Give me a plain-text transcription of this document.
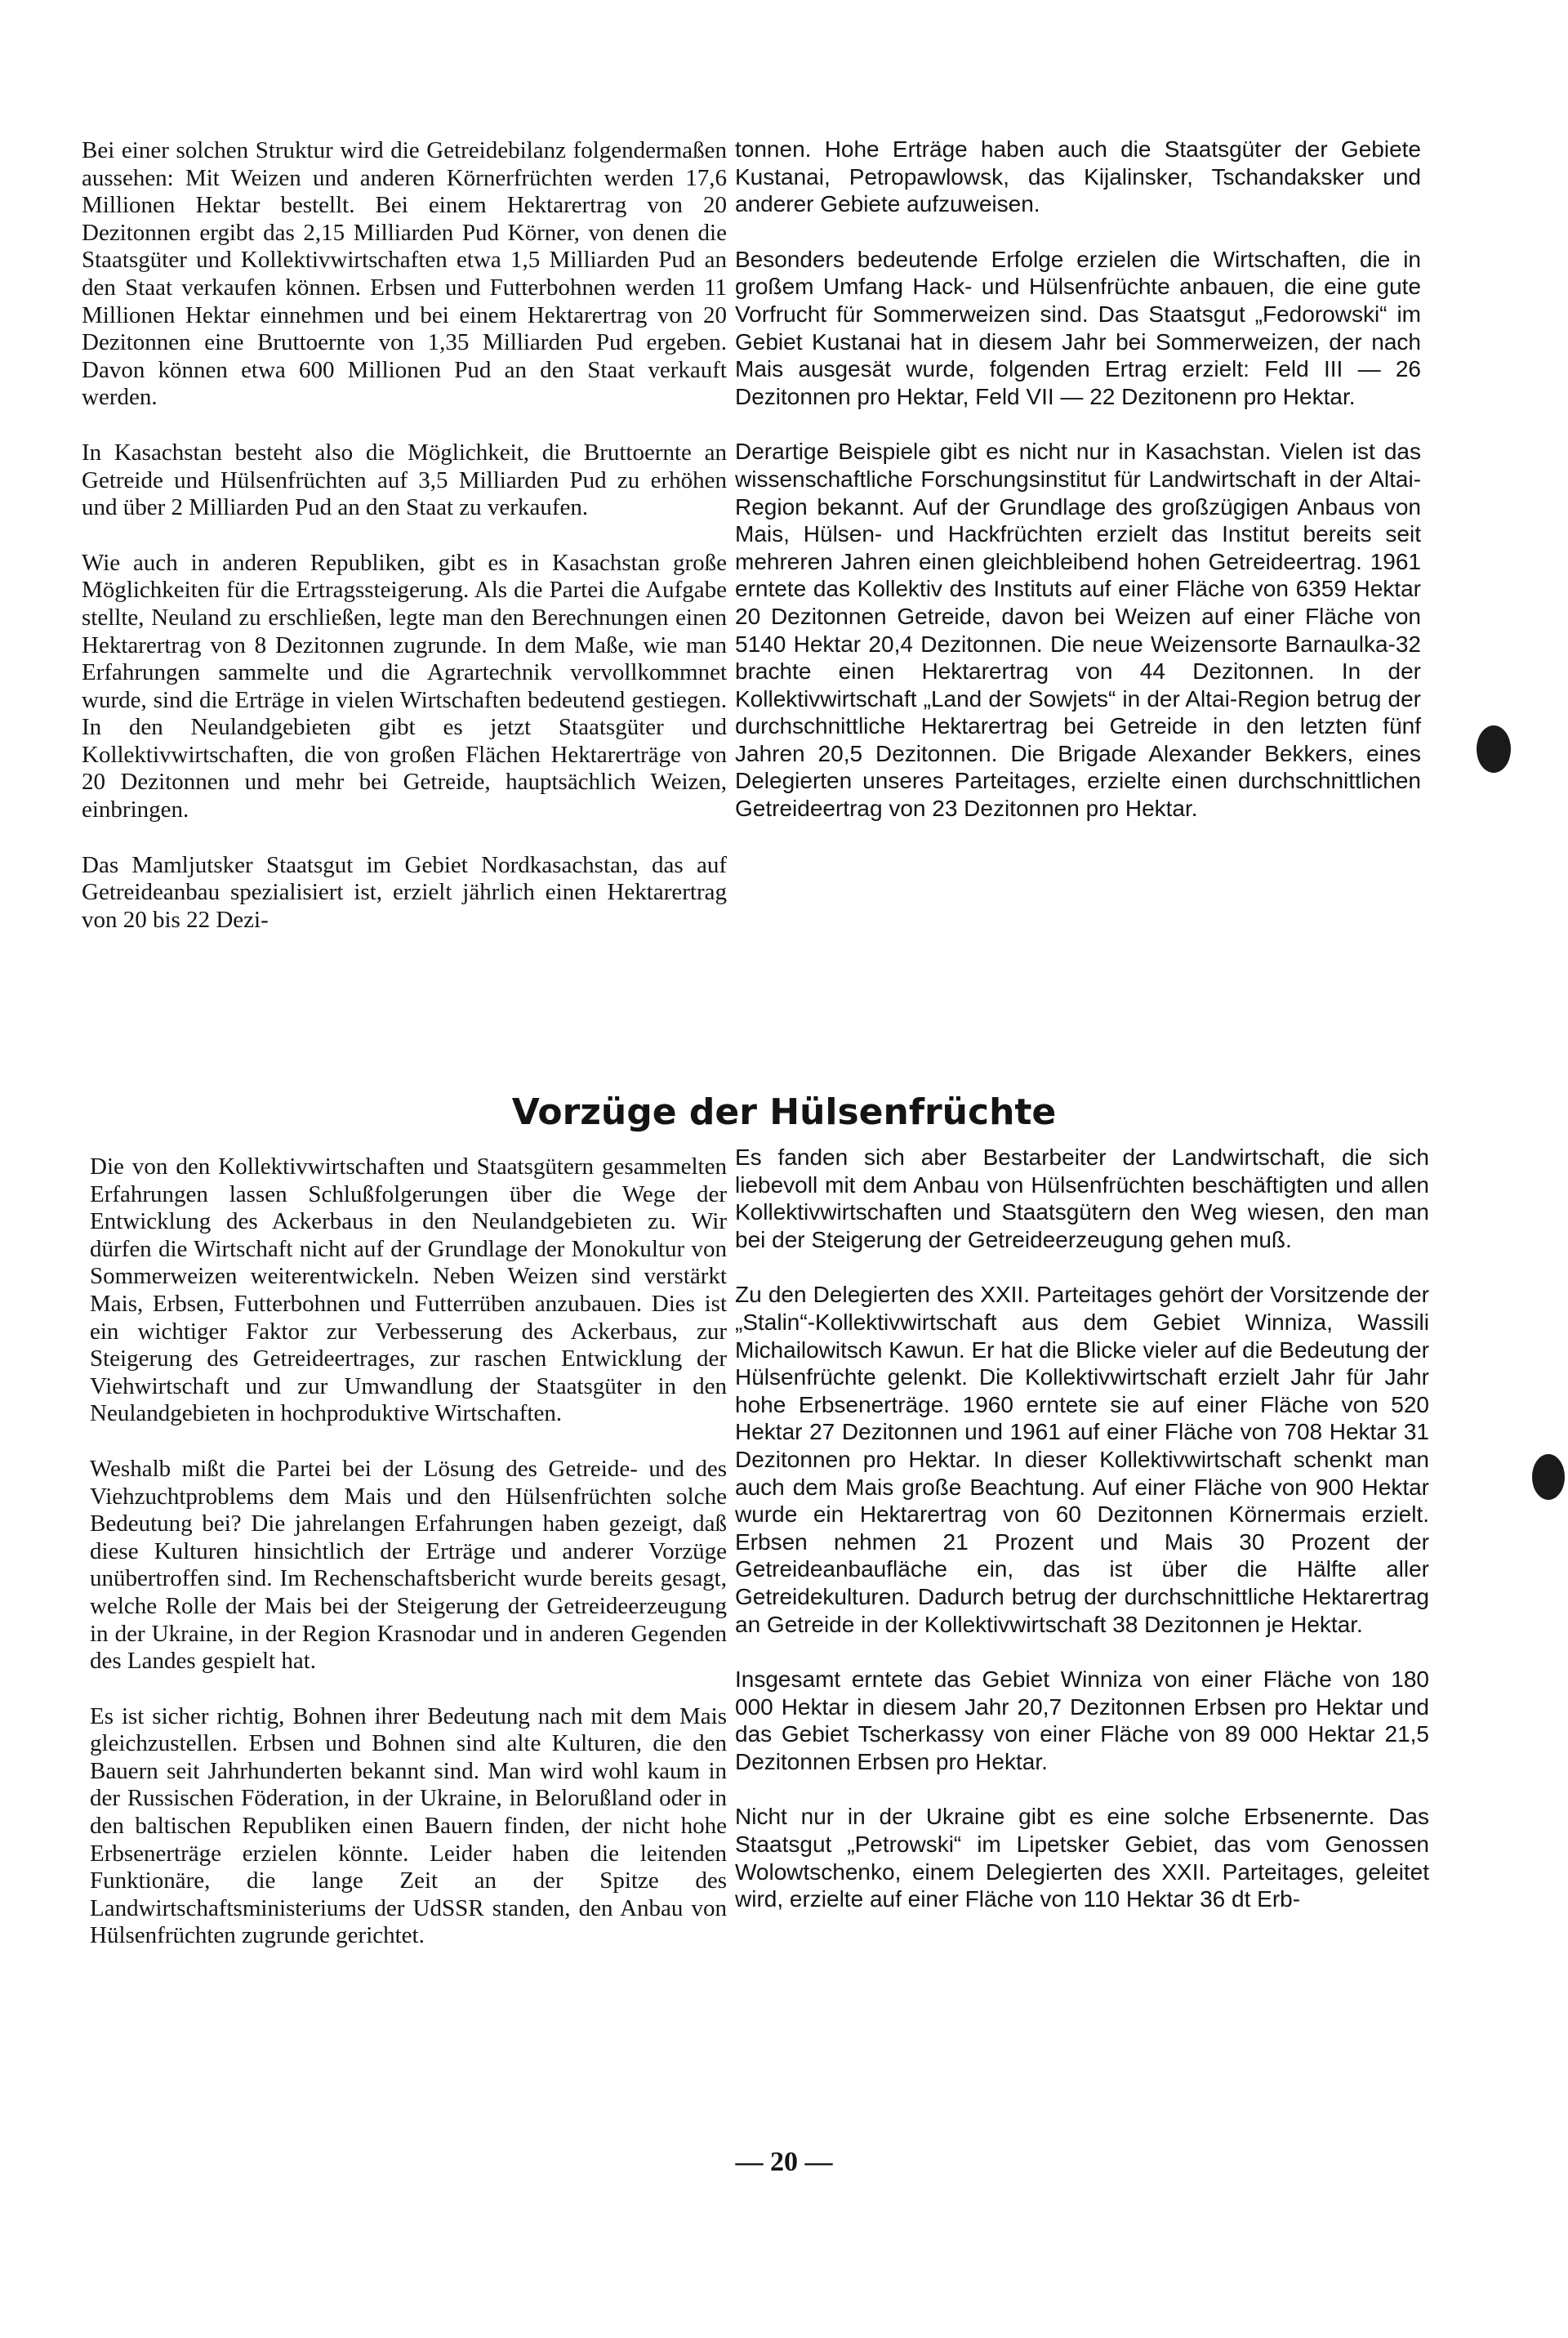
Bei einer solchen Struktur wird die Getreidebilanz folgendermaßen aussehen: Mit Weizen und anderen Körnerfrüchten werden 17,6 Millionen Hektar bestellt. Bei einem Hektarertrag von 20 Dezitonnen ergibt das 2,15 Milliarden Pud Körner, von denen die Staatsgüter und Kollektivwirtschaften etwa 1,5 Milliarden Pud an den Staat verkaufen können. Erbsen und Futterbohnen werden 11 Millionen Hektar einnehmen und bei einem Hektarertrag von 20 Dezitonnen eine Bruttoernte von 1,35 Milliarden Pud ergeben. Davon können etwa 600 Millionen Pud an den Staat verkauft werden.

In Kasachstan besteht also die Möglichkeit, die Bruttoernte an Getreide und Hülsenfrüchten auf 3,5 Milliarden Pud zu erhöhen und über 2 Milliarden Pud an den Staat zu verkaufen.

Wie auch in anderen Republiken, gibt es in Kasachstan große Möglichkeiten für die Ertragssteigerung. Als die Partei die Aufgabe stellte, Neuland zu erschließen, legte man den Berechnungen einen Hektarertrag von 8 Dezitonnen zugrunde. In dem Maße, wie man Erfahrungen sammelte und die Agrartechnik vervollkommnet wurde, sind die Erträge in vielen Wirtschaften bedeutend gestiegen. In den Neulandgebieten gibt es jetzt Staatsgüter und Kollektivwirtschaften, die von großen Flächen Hektarerträge von 20 Dezitonnen und mehr bei Getreide, hauptsächlich Weizen, einbringen.

Das Mamljutsker Staatsgut im Gebiet Nordkasachstan, das auf Getreideanbau spezialisiert ist, erzielt jährlich einen Hektarertrag von 20 bis 22 Dezi-

tonnen. Hohe Erträge haben auch die Staatsgüter der Gebiete Kustanai, Petropawlowsk, das Kijalinsker, Tschandaksker und anderer Gebiete aufzuweisen.

Besonders bedeutende Erfolge erzielen die Wirtschaften, die in großem Umfang Hack- und Hülsenfrüchte anbauen, die eine gute Vorfrucht für Sommerweizen sind. Das Staatsgut „Fedorowski“ im Gebiet Kustanai hat in diesem Jahr bei Sommerweizen, der nach Mais ausgesät wurde, folgenden Ertrag erzielt: Feld III — 26 Dezitonnen pro Hektar, Feld VII — 22 Dezitonenn pro Hektar.

Derartige Beispiele gibt es nicht nur in Kasachstan. Vielen ist das wissenschaftliche Forschungsinstitut für Landwirtschaft in der Altai-Region bekannt. Auf der Grundlage des großzügigen Anbaus von Mais, Hülsen- und Hackfrüchten erzielt das Institut bereits seit mehreren Jahren einen gleichbleibend hohen Getreideertrag. 1961 erntete das Kollektiv des Instituts auf einer Fläche von 6359 Hektar 20 Dezitonnen Getreide, davon bei Weizen auf einer Fläche von 5140 Hektar 20,4 Dezitonnen. Die neue Weizensorte Barnaulka-32 brachte einen Hektarertrag von 44 Dezitonnen. In der Kollektivwirtschaft „Land der Sowjets“ in der Altai-Region betrug der durchschnittliche Hektarertrag bei Getreide in den letzten fünf Jahren 20,5 Dezitonnen. Die Brigade Alexander Bekkers, eines Delegierten unseres Parteitages, erzielte einen durchschnittlichen Getreideertrag von 23 Dezitonnen pro Hektar.

Vorzüge der Hülsenfrüchte

Die von den Kollektivwirtschaften und Staatsgütern gesammelten Erfahrungen lassen Schlußfolgerungen über die Wege der Entwicklung des Ackerbaus in den Neulandgebieten zu. Wir dürfen die Wirtschaft nicht auf der Grundlage der Monokultur von Sommerweizen weiterentwickeln. Neben Weizen sind verstärkt Mais, Erbsen, Futterbohnen und Futterrüben anzubauen. Dies ist ein wichtiger Faktor zur Verbesserung des Ackerbaus, zur Steigerung des Getreideertrages, zur raschen Entwicklung der Viehwirtschaft und zur Umwandlung der Staatsgüter in den Neulandgebieten in hochproduktive Wirtschaften.

Weshalb mißt die Partei bei der Lösung des Getreide- und des Viehzuchtproblems dem Mais und den Hülsenfrüchten solche Bedeutung bei? Die jahrelangen Erfahrungen haben gezeigt, daß diese Kulturen hinsichtlich der Erträge und anderer Vorzüge unübertroffen sind. Im Rechenschaftsbericht wurde bereits gesagt, welche Rolle der Mais bei der Steigerung der Getreideerzeugung in der Ukraine, in der Region Krasnodar und in anderen Gegenden des Landes gespielt hat.

Es ist sicher richtig, Bohnen ihrer Bedeutung nach mit dem Mais gleichzustellen. Erbsen und Bohnen sind alte Kulturen, die den Bauern seit Jahrhunderten bekannt sind. Man wird wohl kaum in der Russischen Föderation, in der Ukraine, in Belorußland oder in den baltischen Republiken einen Bauern finden, der nicht hohe Erbsenerträge erzielen könnte. Leider haben die leitenden Funktionäre, die lange Zeit an der Spitze des Landwirtschaftsministeriums der UdSSR standen, den Anbau von Hülsenfrüchten zugrunde gerichtet.

Es fanden sich aber Bestarbeiter der Landwirtschaft, die sich liebevoll mit dem Anbau von Hülsenfrüchten beschäftigten und allen Kollektivwirtschaften und Staatsgütern den Weg wiesen, den man bei der Steigerung der Getreideerzeugung gehen muß.

Zu den Delegierten des XXII. Parteitages gehört der Vorsitzende der „Stalin“-Kollektivwirtschaft aus dem Gebiet Winniza, Wassili Michailowitsch Kawun. Er hat die Blicke vieler auf die Bedeutung der Hülsenfrüchte gelenkt. Die Kollektivwirtschaft erzielt Jahr für Jahr hohe Erbsenerträge. 1960 erntete sie auf einer Fläche von 520 Hektar 27 Dezitonnen und 1961 auf einer Fläche von 708 Hektar 31 Dezitonnen pro Hektar. In dieser Kollektivwirtschaft schenkt man auch dem Mais große Beachtung. Auf einer Fläche von 900 Hektar wurde ein Hektarertrag von 60 Dezitonnen Körnermais erzielt. Erbsen nehmen 21 Prozent und Mais 30 Prozent der Getreideanbaufläche ein, das ist über die Hälfte aller Getreidekulturen. Dadurch betrug der durchschnittliche Hektarertrag an Getreide in der Kollektivwirtschaft 38 Dezitonnen je Hektar.

Insgesamt erntete das Gebiet Winniza von einer Fläche von 180 000 Hektar in diesem Jahr 20,7 Dezitonnen Erbsen pro Hektar und das Gebiet Tscherkassy von einer Fläche von 89 000 Hektar 21,5 Dezitonnen Erbsen pro Hektar.

Nicht nur in der Ukraine gibt es eine solche Erbsenernte. Das Staatsgut „Petrowski“ im Lipetsker Gebiet, das vom Genossen Wolowtschenko, einem Delegierten des XXII. Parteitages, geleitet wird, erzielte auf einer Fläche von 110 Hektar 36 dt Erb-

— 20 —
